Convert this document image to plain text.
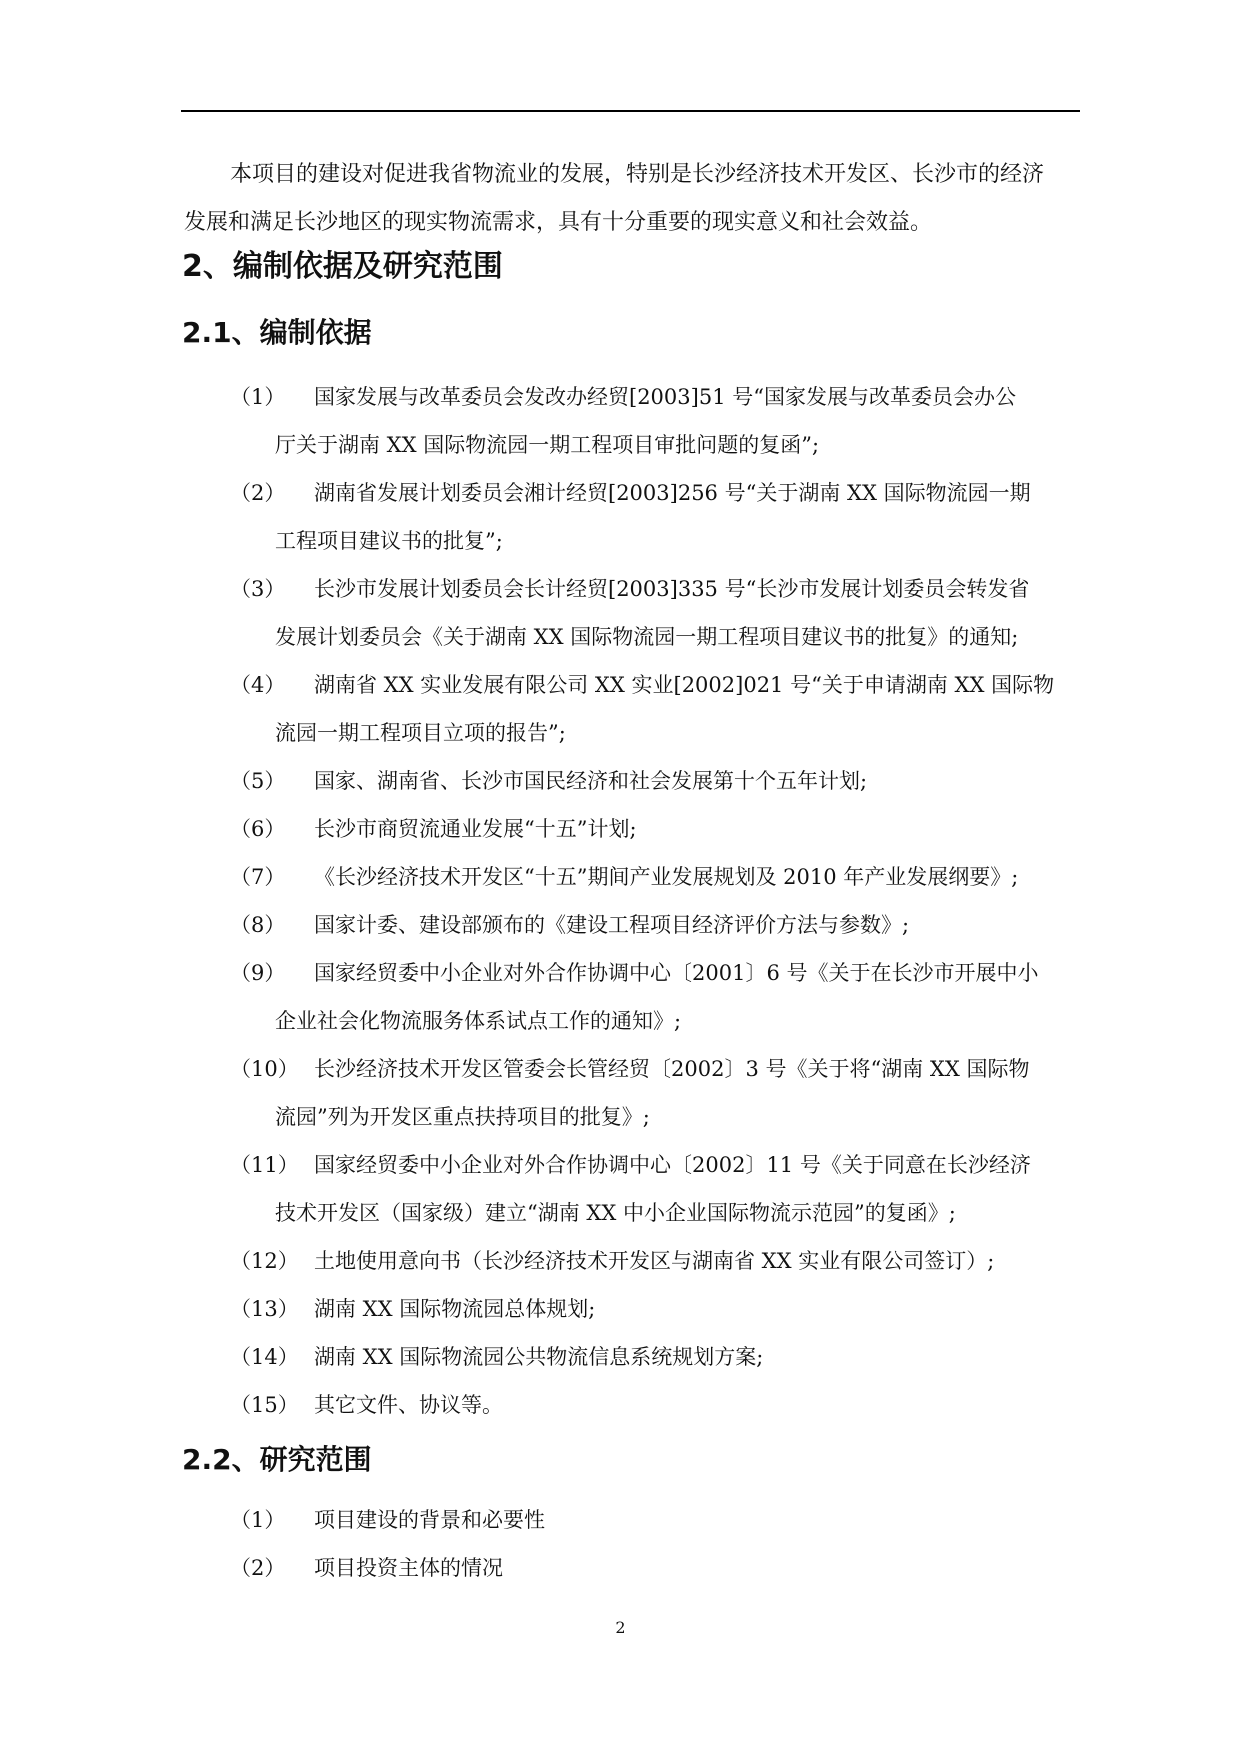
本项目的建设对促进我省物流业的发展，特别是长沙经济技术开发区、长沙市的经济

发展和满足长沙地区的现实物流需求，具有十分重要的现实意义和社会效益。

2、编制依据及研究范围
2.1、编制依据
（1）	国家发展与改革委员会发改办经贸[2003]51 号“国家发展与改革委员会办公
厅关于湖南 XX 国际物流园一期工程项目审批问题的复函”;
（2）	湖南省发展计划委员会湘计经贸[2003]256 号“关于湖南 XX 国际物流园一期
工程项目建议书的批复”;
（3）	长沙市发展计划委员会长计经贸[2003]335 号“长沙市发展计划委员会转发省
发展计划委员会《关于湖南 XX 国际物流园一期工程项目建议书的批复》的通知;
（4）	湖南省 XX 实业发展有限公司 XX 实业[2002]021 号“关于申请湖南 XX 国际物
流园一期工程项目立项的报告”;
（5）	国家、湖南省、长沙市国民经济和社会发展第十个五年计划;
（6）	长沙市商贸流通业发展“十五”计划;
（7）	《长沙经济技术开发区“十五”期间产业发展规划及 2010 年产业发展纲要》;
（8）	国家计委、建设部颁布的《建设工程项目经济评价方法与参数》;
（9）	国家经贸委中小企业对外合作协调中心〔2001〕6 号《关于在长沙市开展中小
企业社会化物流服务体系试点工作的通知》;
（10） 长沙经济技术开发区管委会长管经贸〔2002〕3 号《关于将“湖南 XX 国际物
流园”列为开发区重点扶持项目的批复》;
（11） 国家经贸委中小企业对外合作协调中心〔2002〕11 号《关于同意在长沙经济
技术开发区（国家级）建立“湖南 XX 中小企业国际物流示范园”的复函》;
（12） 土地使用意向书（长沙经济技术开发区与湖南省 XX 实业有限公司签订）;
（13） 湖南 XX 国际物流园总体规划;
（14） 湖南 XX 国际物流园公共物流信息系统规划方案;
（15） 其它文件、协议等。
2.2、研究范围
（1）	项目建设的背景和必要性
（2）	项目投资主体的情况
2
